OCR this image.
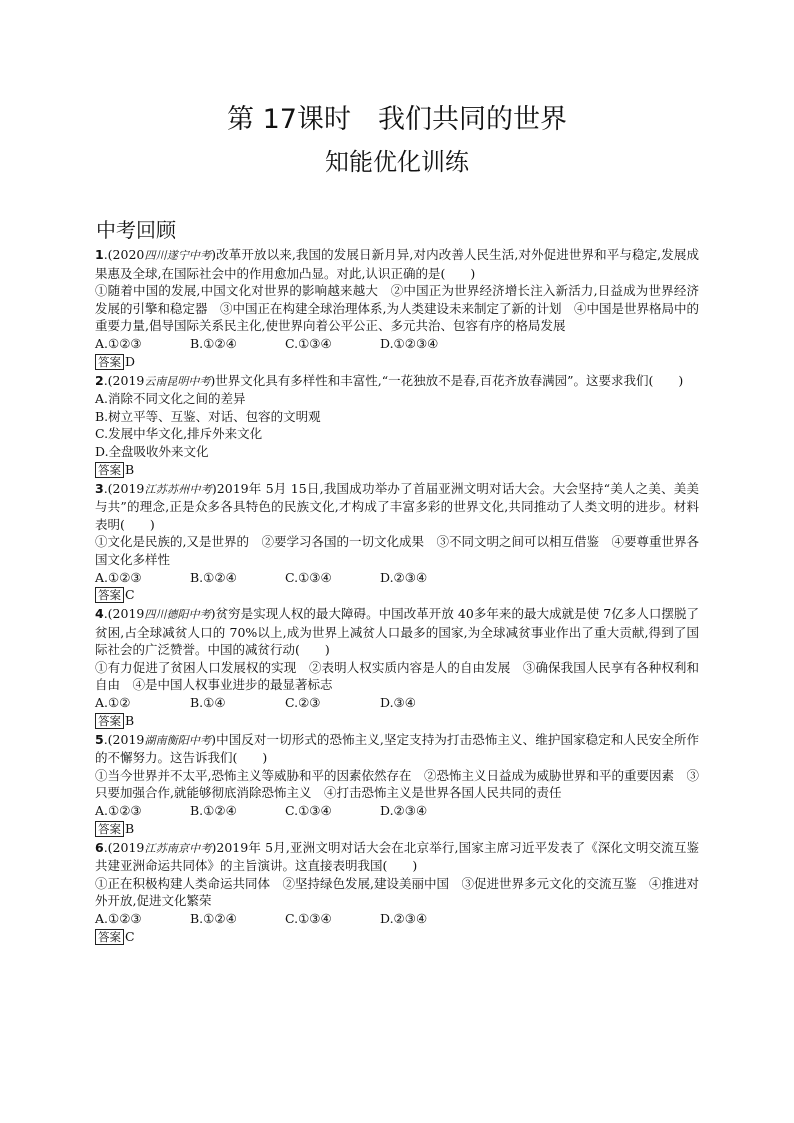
第 17课时　我们共同的世界
知能优化训练
中考回顾

1.(2020四川遂宁中考)改革开放以来,我国的发展日新月异,对内改善人民生活,对外促进世界和平与稳定,发展成果惠及全球,在国际社会中的作用愈加凸显。对此,认识正确的是(　　)

①随着中国的发展,中国文化对世界的影响越来越大　②中国正为世界经济增长注入新活力,日益成为世界经济发展的引擎和稳定器　③中国正在构建全球治理体系,为人类建设未来制定了新的计划　④中国是世界格局中的重要力量,倡导国际关系民主化,使世界向着公平公正、多元共治、包容有序的格局发展

A.①②③	B.①②④	C.①③④	D.①②③④
答案 D

2.(2019云南昆明中考)世界文化具有多样性和丰富性,“一花独放不是春,百花齐放春满园”。这要求我们(　　)

A.消除不同文化之间的差异

B.树立平等、互鉴、对话、包容的文明观

C.发展中华文化,排斥外来文化

D.全盘吸收外来文化

答案 B

3.(2019江苏苏州中考)2019年 5月 15日,我国成功举办了首届亚洲文明对话大会。大会坚持“美人之美、美美与共”的理念,正是众多各具特色的民族文化,才构成了丰富多彩的世界文化,共同推动了人类文明的进步。材料表明(　　)

①文化是民族的,又是世界的　②要学习各国的一切文化成果　③不同文明之间可以相互借鉴　④要尊重世界各国文化多样性

A.①②③	B.①②④	C.①③④	D.②③④
答案 C

4.(2019四川德阳中考)贫穷是实现人权的最大障碍。中国改革开放 40多年来的最大成就是使 7亿多人口摆脱了贫困,占全球减贫人口的 70%以上,成为世界上减贫人口最多的国家,为全球减贫事业作出了重大贡献,得到了国际社会的广泛赞誉。中国的减贫行动(　　)

①有力促进了贫困人口发展权的实现　②表明人权实质内容是人的自由发展　③确保我国人民享有各种权利和自由　④是中国人权事业进步的最显著标志

A.①②	B.①④	C.②③	D.③④
答案 B

5.(2019湖南衡阳中考)中国反对一切形式的恐怖主义,坚定支持为打击恐怖主义、维护国家稳定和人民安全所作的不懈努力。这告诉我们(　　)

①当今世界并不太平,恐怖主义等威胁和平的因素依然存在　②恐怖主义日益成为威胁世界和平的重要因素　③只要加强合作,就能够彻底消除恐怖主义　④打击恐怖主义是世界各国人民共同的责任

A.①②③	B.①②④	C.①③④	D.②③④
答案 B

6.(2019江苏南京中考)2019年 5月,亚洲文明对话大会在北京举行,国家主席习近平发表了《深化文明交流互鉴　共建亚洲命运共同体》的主旨演讲。这直接表明我国(　　)

①正在积极构建人类命运共同体　②坚持绿色发展,建设美丽中国　③促进世界多元文化的交流互鉴　④推进对外开放,促进文化繁荣

A.①②③	B.①②④	C.①③④	D.②③④
答案 C
